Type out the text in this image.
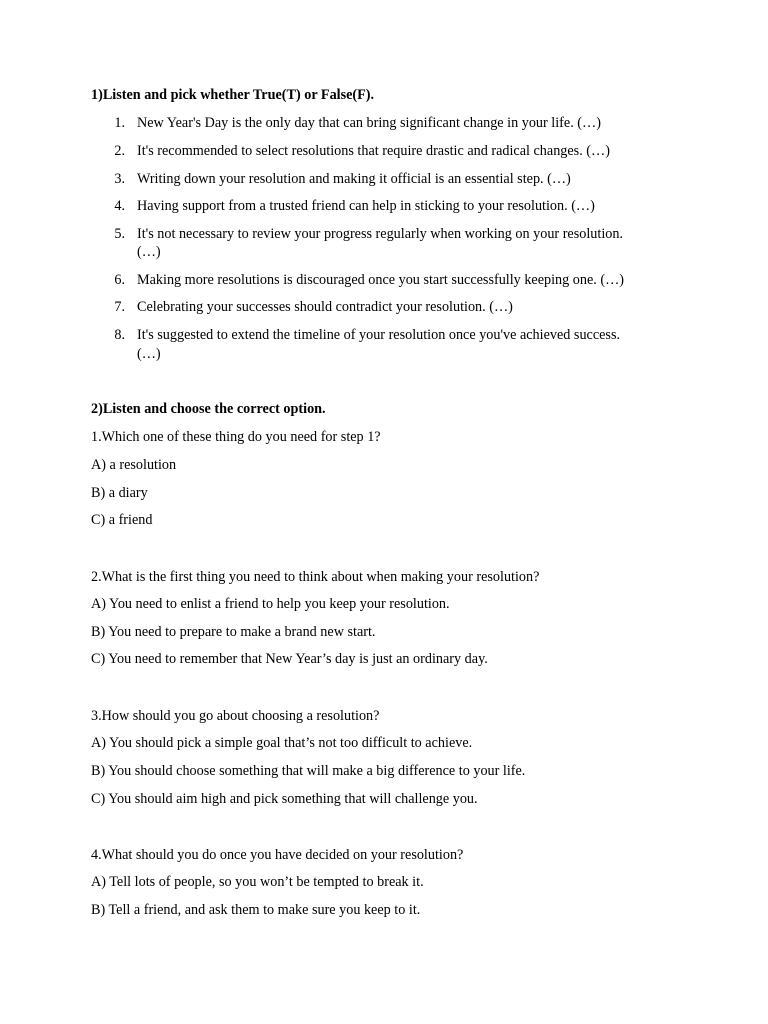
1)Listen and pick whether True(T) or False(F).
1. New Year's Day is the only day that can bring significant change in your life. (…)
2. It's recommended to select resolutions that require drastic and radical changes. (…)
3. Writing down your resolution and making it official is an essential step. (…)
4. Having support from a trusted friend can help in sticking to your resolution. (…)
5. It's not necessary to review your progress regularly when working on your resolution.
(…)
6. Making more resolutions is discouraged once you start successfully keeping one. (…)
7. Celebrating your successes should contradict your resolution. (…)
8. It's suggested to extend the timeline of your resolution once you've achieved success.
(…)
2)Listen and choose the correct option.
1.Which one of these thing do you need for step 1?
A) a resolution
B) a diary
C) a friend
2.What is the first thing you need to think about when making your resolution?
A) You need to enlist a friend to help you keep your resolution.
B) You need to prepare to make a brand new start.
C) You need to remember that New Year’s day is just an ordinary day.
3.How should you go about choosing a resolution?
A) You should pick a simple goal that’s not too difficult to achieve.
B) You should choose something that will make a big difference to your life.
C) You should aim high and pick something that will challenge you.
4.What should you do once you have decided on your resolution?
A) Tell lots of people, so you won’t be tempted to break it.
B) Tell a friend, and ask them to make sure you keep to it.
